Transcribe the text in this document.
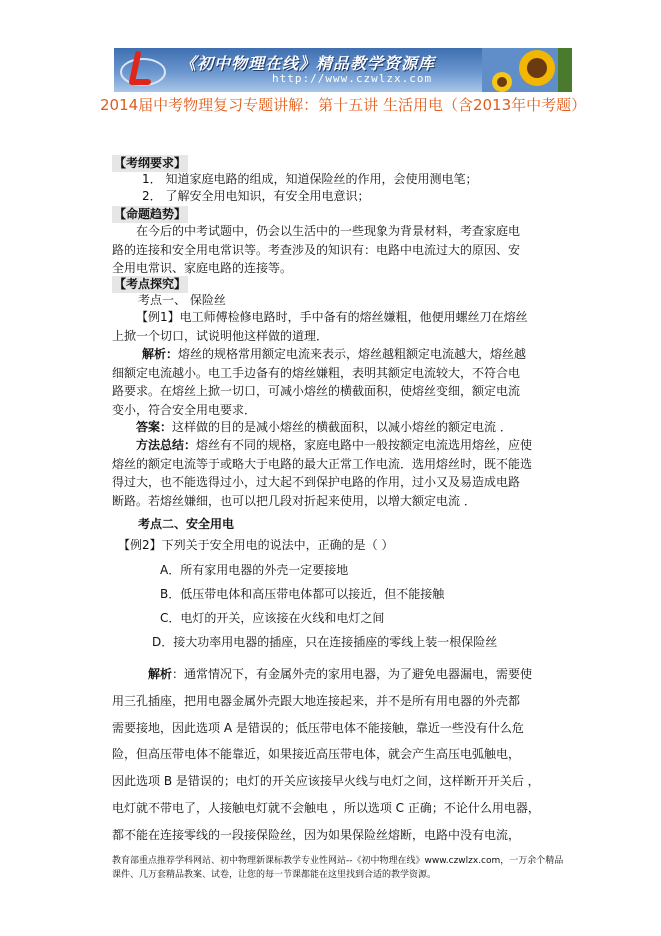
《初中物理在线》精品教学资源库
http://www.czwlzx.com
2014届中考物理复习专题讲解：第十五讲 生活用电（含2013年中考题）
【考纲要求】
1． 知道家庭电路的组成，知道保险丝的作用，会使用测电笔；
2． 了解安全用电知识，有安全用电意识；
【命题趋势】
在今后的中考试题中，仍会以生活中的一些现象为背景材料，考查家庭电
路的连接和安全用电常识等。考查涉及的知识有：电路中电流过大的原因、安
全用电常识、家庭电路的连接等。
【考点探究】
考点一、 保险丝
【例1】电工师傅检修电路时，手中备有的熔丝嫌粗，他便用螺丝刀在熔丝
上掀一个切口，试说明他这样做的道理．
解析：熔丝的规格常用额定电流来表示，熔丝越粗额定电流越大，熔丝越
细额定电流越小。电工手边备有的熔丝嫌粗，表明其额定电流较大，不符合电
路要求。在熔丝上掀一切口，可减小熔丝的横截面积，使熔丝变细，额定电流
变小，符合安全用电要求．
答案：这样做的目的是减小熔丝的横截面积，以减小熔丝的额定电流 ．
方法总结：熔丝有不同的规格，家庭电路中一般按额定电流选用熔丝，应使
熔丝的额定电流等于或略大于电路的最大正常工作电流．选用熔丝时，既不能选
得过大，也不能选得过小，过大起不到保护电路的作用，过小又及易造成电路
断路。若熔丝嫌细，也可以把几段对折起来使用，以增大额定电流 ．
考点二、安全用电
【例2】下列关于安全用电的说法中，正确的是（ ）
A．所有家用电器的外壳一定要接地
B．低压带电体和高压带电体都可以接近，但不能接触
C．电灯的开关，应该接在火线和电灯之间
D．接大功率用电器的插座，只在连接插座的零线上装一根保险丝
解析：通常情况下，有金属外壳的家用电器，为了避免电器漏电，需要使
用三孔插座，把用电器金属外壳跟大地连接起来，并不是所有用电器的外壳都
需要接地，因此选项 A 是错误的；低压带电体不能接触，靠近一些没有什么危
险，但高压带电体不能靠近，如果接近高压带电体，就会产生高压电弧触电，
因此选项 B 是错误的；电灯的开关应该接早火线与电灯之间，这样断开开关后 ，
电灯就不带电了，人接触电灯就不会触电 ，所以选项 C 正确；不论什么用电器，
都不能在连接零线的一段接保险丝，因为如果保险丝熔断，电路中没有电流，
教育部重点推荐学科网站、初中物理新课标教学专业性网站--《初中物理在线》www.czwlzx.com，一万余个精品课件、几万套精品教案、试卷，让您的每一节课都能在这里找到合适的教学资源。
